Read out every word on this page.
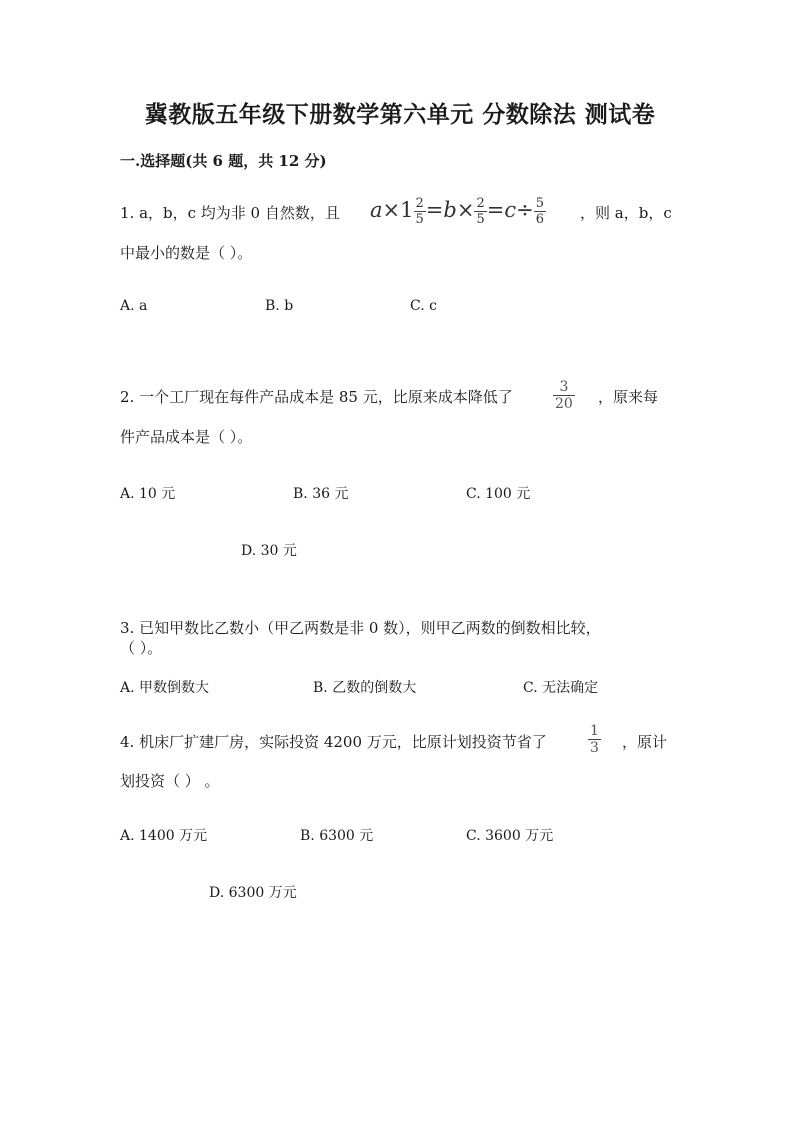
冀教版五年级下册数学第六单元 分数除法 测试卷
一.选择题(共 6 题，共 12 分)
1. a，b，c 均为非 0 自然数，且 $a\times 1 \frac{2}{5} =b\times \frac{2}{5} =c\div \frac{5}{6}$ ，则 a，b，c
中最小的数是（ ）。
A. a	B. b	C. c
2. 一个工厂现在每件产品成本是 85 元，比原来成本降低了	$\frac{3}{20}$ ，原来每
件产品成本是（ ）。
A. 10 元	B. 36 元	C. 100 元
D. 30 元
3. 已知甲数比乙数小（甲乙两数是非 0 数），则甲乙两数的倒数相比较，
（ ）。
A. 甲数倒数大	B. 乙数的倒数大	C. 无法确定
4. 机床厂扩建厂房，实际投资 4200 万元，比原计划投资节省了	$\frac{1}{3}$ ，原计
划投资（ ） 。
A. 1400 万元	B. 6300 元	C. 3600 万元
D. 6300 万元
